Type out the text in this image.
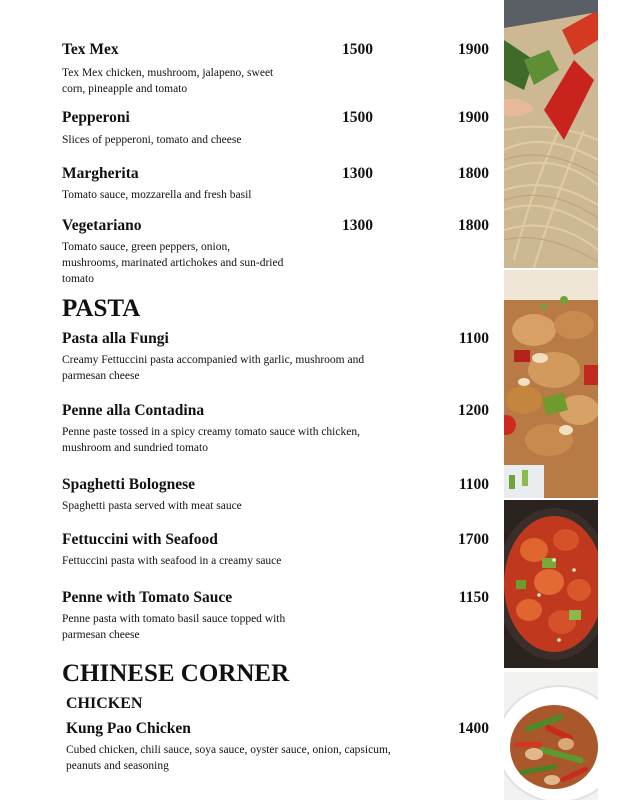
Tex Mex	1500	1900
Tex Mex chicken, mushroom, jalapeno, sweet
corn, pineapple and tomato
Pepperoni	1500	1900
Slices of pepperoni, tomato and cheese
Margherita	1300	1800
Tomato sauce, mozzarella and fresh basil
Vegetariano	1300	1800
Tomato sauce, green peppers, onion,
mushrooms, marinated artichokes and sun-dried
tomato
PASTA
Pasta alla Fungi	1100
Creamy Fettuccini pasta accompanied with garlic, mushroom and
parmesan cheese
Penne alla Contadina	1200
Penne paste tossed in a spicy creamy tomato sauce with chicken,
mushroom and sundried tomato
Spaghetti Bolognese	1100
Spaghetti pasta served with meat sauce
Fettuccini with Seafood	1700
Fettuccini pasta with seafood in a creamy sauce
Penne with Tomato Sauce	1150
Penne pasta with tomato basil sauce topped with
parmesan cheese
CHINESE CORNER
CHICKEN
Kung Pao Chicken	1400
Cubed chicken, chili sauce, soya sauce, oyster sauce, onion, capsicum,
peanuts and seasoning
